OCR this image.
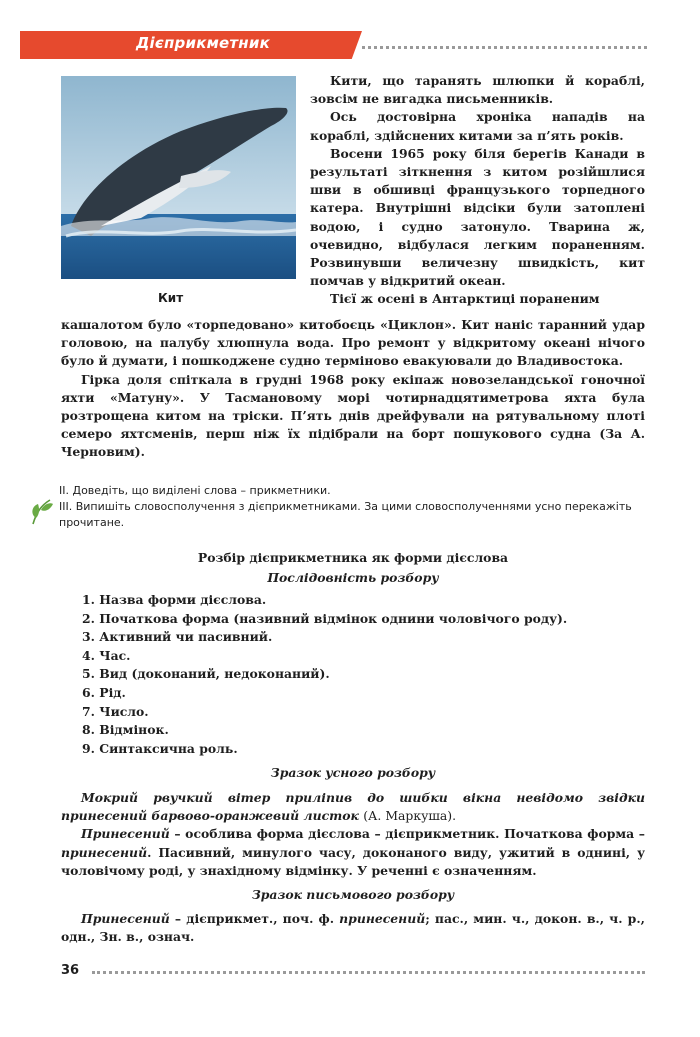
Дієприкметник
Кит

Кити, що таранять шлюпки й кораблі, зовсім не вигадка письменників.

Ось достовірна хроніка нападів на кораблі, здійснених китами за п’ять років.

Восени 1965 року біля берегів Канади в результаті зіткнення з китом розійшлися шви в обшивці французького торпедного катера. Внутрішні відсіки були затоплені водою, і судно затонуло. Тварина ж, очевидно, відбулася легким пораненням. Розвинувши величезну швидкість, кит помчав у відкритий океан.

Тієї ж осені в Антарктиці пораненим

кашалотом було «торпедовано» китобоєць «Циклон». Кит наніс таранний удар головою, на палубу хлюпнула вода. Про ремонт у відкритому океані нічого було й думати, і пошкоджене судно терміново евакуювали до Владивостока.

Гірка доля спіткала в грудні 1968 року екіпаж новозеландської гоночної яхти «Матуну». У Тасмановому морі чотирнадцятиметрова яхта була розтрощена китом на тріски. П’ять днів дрейфували на рятувальному плоті семеро яхтсменів, перш ніж їх підібрали на борт пошукового судна (За А. Черновим).

ІІ. Доведіть, що виділені слова – прикметники.

ІІІ. Випишіть словосполучення з дієприкметниками. За цими словосполученнями усно перекажіть прочитане.

Розбір дієприкметника як форми дієслова
Послідовність розбору
1. Назва форми дієслова.
2. Початкова форма (називний відмінок однини чоловічого роду).
3. Активний чи пасивний.
4. Час.
5. Вид (доконаний, недоконаний).
6. Рід.
7. Число.
8. Відмінок.
9. Синтаксична роль.
Зразок усного розбору

Мокрий рвучкий вітер приліпив до шибки вікна невідомо звідки принесений барвово-оранжевий листок (А. Маркуша).

Принесений – особлива форма дієслова – дієприкметник. Початкова форма – принесений. Пасивний, минулого часу, доконаного виду, ужитий в однині, у чоловічому роді, у знахідному відмінку. У реченні є означенням.

Зразок письмового розбору

Принесений – дієприкмет., поч. ф. принесений; пас., мин. ч., докон. в., ч. р., одн., Зн. в., означ.

36
